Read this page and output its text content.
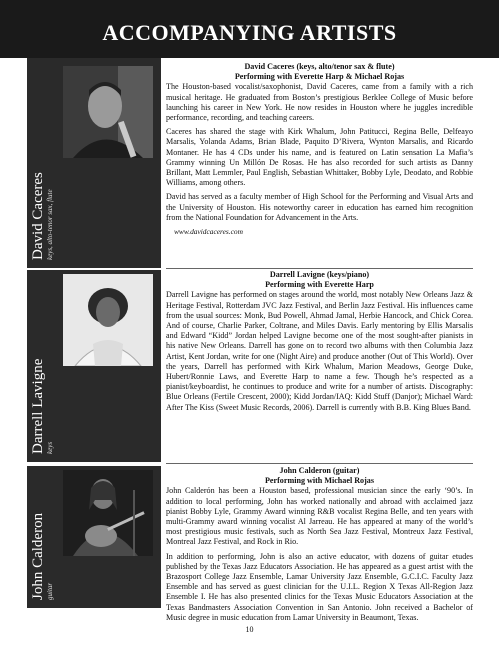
ACCOMPANYING ARTISTS
David Caceres keys, alto-tenor sax, flute
David Caceres (keys, alto/tenor sax & flute)
Performing with Everette Harp & Michael Rojas

The Houston-based vocalist/saxophonist, David Caceres, came from a family with a rich musical heritage. He graduated from Boston’s prestigious Berklee College of Music before launching his career in New York. He now resides in Houston where he juggles incredible performance, recording, and teaching careers.

Caceres has shared the stage with Kirk Whalum, John Patitucci, Regina Belle, Delfeayo Marsalis, Yolanda Adams, Brian Blade, Paquito D’Rivera, Wynton Marsalis, and Ricardo Montaner. He has 4 CDs under his name, and is featured on Latin sensation La Mafia’s Grammy winning Un Millón De Rosas. He has also recorded for such artists as Danny Brillant, Matt Lemmler, Paul English, Sebastian Whittaker, Bobby Lyle, Deodato, and Robbie Williams, among others.

David has served as a faculty member of High School for the Performing and Visual Arts and the University of Houston. His noteworthy career in education has earned him recognition from the National Foundation for Advancement in the Arts.

www.davidcaceres.com
Darrell Lavigne keys
Darrell Lavigne (keys/piano)
Performing with Everette Harp

Darrell Lavigne has performed on stages around the world, most notably New Orleans Jazz & Heritage Festival, Rotterdam JVC Jazz Festival, and Berlin Jazz Festival. His influences came from the usual sources: Monk, Bud Powell, Ahmad Jamal, Herbie Hancock, and Chick Corea. And of course, Charlie Parker, Coltrane, and Miles Davis. Early mentoring by Ellis Marsalis and Edward “Kidd” Jordan helped Lavigne become one of the most sought-after pianists in his native New Orleans. Darrell has gone on to record two albums with then Columbia Jazz Artist, Kent Jordan, write for one (Night Aire) and produce another (Out of This World). Over the years, Darrell has performed with Kirk Whalum, Marion Meadows, George Duke, Hubert/Ronnie Laws, and Everette Harp to name a few. Though he’s respected as a pianist/keyboardist, he continues to produce and write for a number of artists. Discography: Blue Orleans (Fertile Crescent, 2000); Kidd Jordan/IAQ: Kidd Stuff (Danjor); Michael Ward: After The Kiss (Sweet Music Records, 2006). Darrell is currently with B.B. King Blues Band.

John Calderon guitar
John Calderon (guitar)
Performing with Michael Rojas

John Calderón has been a Houston based, professional musician since the early ‘90’s. In addition to local performing, John has worked nationally and abroad with acclaimed jazz pianist Bobby Lyle, Grammy Award winning R&B vocalist Regina Belle, and ten years with multi-Grammy award winning vocalist Al Jarreau. He has appeared at many of the world’s most prestigious music festivals, such as North Sea Jazz Festival, Montreux Jazz Festival, Montreal Jazz Festival, and Rock in Rio.

In addition to performing, John is also an active educator, with dozens of guitar etudes published by the Texas Jazz Educators Association. He has appeared as a guest artist with the Brazosport College Jazz Ensemble, Lamar University Jazz Ensemble, G.C.I.C. Faculty Jazz Ensemble and has served as guest clinician for the U.I.L. Region X Texas All-Region Jazz Ensemble I. He has also presented clinics for the Texas Music Educators Association at the Texas Bandmasters Association Convention in San Antonio. John received a Bachelor of Music degree in music education from Lamar University in Beaumont, Texas.

10
